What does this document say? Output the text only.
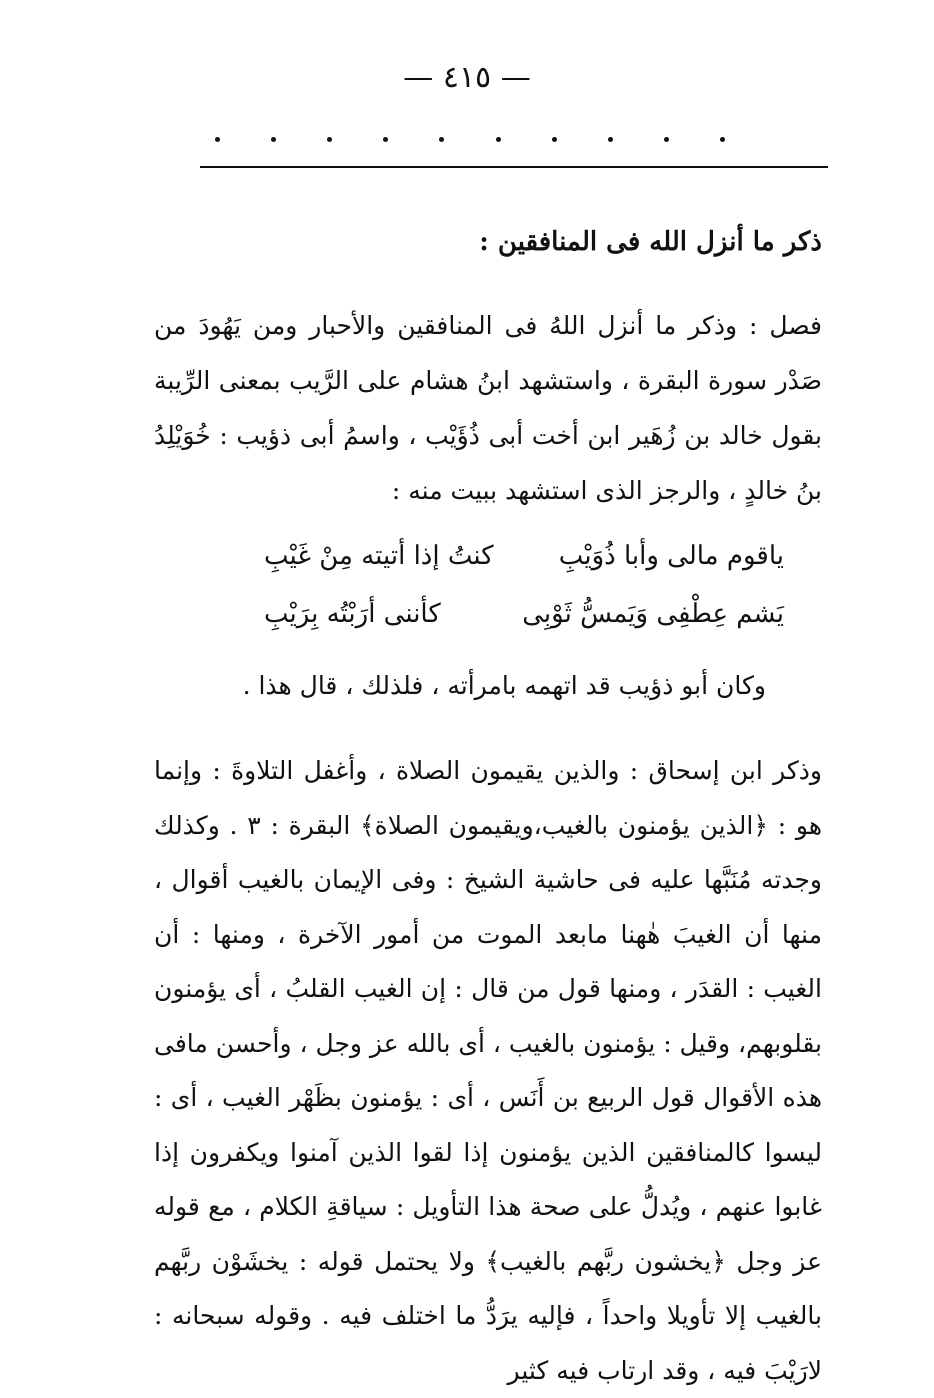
— ٤١٥ —
ذكر ما أنزل الله فى المنافقين :
فصل : وذكر ما أنزل اللهُ فى المنافقين والأحبار ومن يَهُودَ من صَدْر سورة البقرة ، واستشهد ابنُ هشام على الرَّيب بمعنى الرِّيبة بقول خالد بن زُهَير ابن أخت أبى ذُؤَيْب ، واسمُ أبى ذؤيب : خُوَيْلِدُ بنُ خالدٍ ، والرجز الذى استشهد ببيت منه :
ياقوم مالى وأبا ذُوَيْبِ
كنتُ إذا أتيته مِنْ غَيْبِ
يَشم عِطْفِى وَيَمسُّ ثَوْبِى
كأننى أرَبْتُه بِرَيْبِ
وكان أبو ذؤيب قد اتهمه بامرأته ، فلذلك ، قال هذا .
وذكر ابن إسحاق : والذين يقيمون الصلاة ، وأغفل التلاوةَ : وإنما هو : ﴿الذين يؤمنون بالغيب،ويقيمون الصلاة﴾ البقرة : ٣ . وكذلك وجدته مُنَبَّها عليه فى حاشية الشيخ : وفى الإيمان بالغيب أقوال ، منها أن الغيبَ هٰهنا مابعد الموت من أمور الآخرة ، ومنها : أن الغيب : القدَر ، ومنها قول من قال : إن الغيب القلبُ ، أى يؤمنون بقلوبهم، وقيل : يؤمنون بالغيب ، أى بالله عز وجل ، وأحسن مافى هذه الأقوال قول الربيع بن أَنَس ، أى : يؤمنون بظَهْر الغيب ، أى : ليسوا كالمنافقين الذين يؤمنون إذا لقوا الذين آمنوا ويكفرون إذا غابوا عنهم ، ويُدلُّ على صحة هذا التأويل : سياقةِ الكلام ، مع قوله عز وجل ﴿يخشون ربَّهم بالغيب﴾ ولا يحتمل قوله : يخشَوْن ربَّهم بالغيب إلا تأويلا واحداً ، فإليه يرَدُّ ما اختلف فيه . وقوله سبحانه : لارَيْبَ فيه ، وقد ارتاب فيه كثير
